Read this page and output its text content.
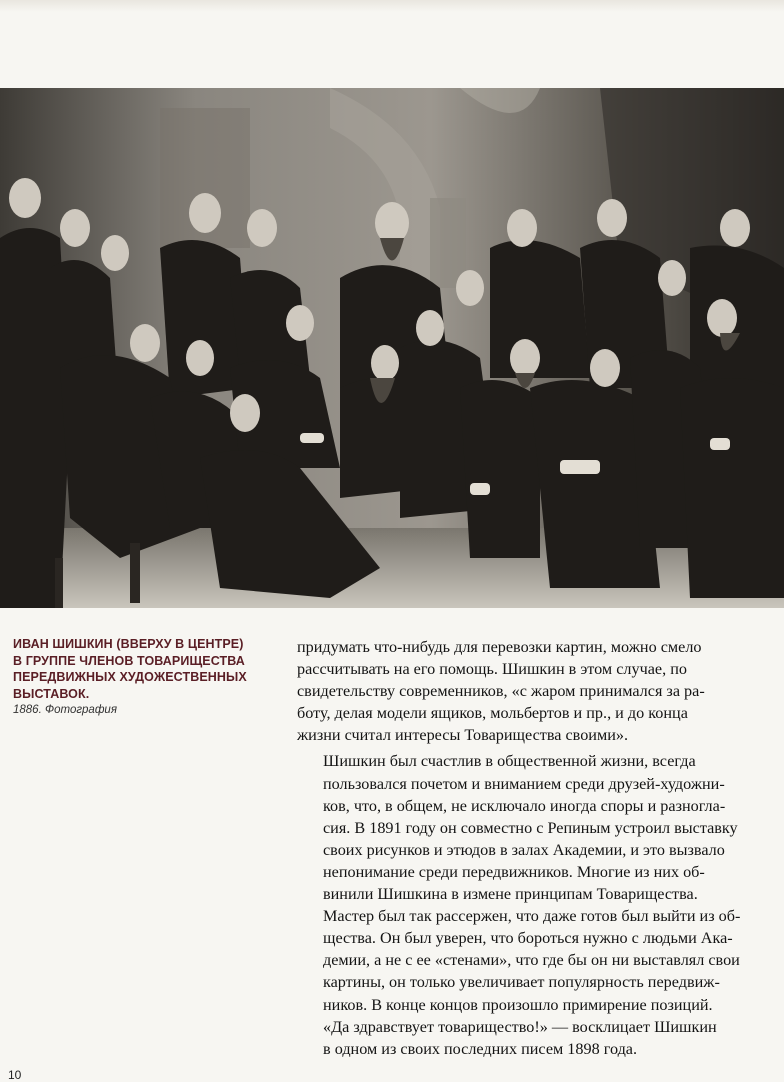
ИВАН ШИШКИН (ВВЕРХУ В ЦЕНТРЕ)
В ГРУППЕ ЧЛЕНОВ ТОВАРИЩЕСТВА
ПЕРЕДВИЖНЫХ ХУДОЖЕСТВЕННЫХ
ВЫСТАВОК.
1886. Фотография

придумать что-нибудь для перевозки картин, можно смело
рассчитывать на его помощь. Шишкин в этом случае, по
свидетельству современников, «с жаром принимался за ра-
боту, делая модели ящиков, мольбертов и пр., и до конца
жизни считал интересы Товарищества своими».

Шишкин был счастлив в общественной жизни, всегда
пользовался почетом и вниманием среди друзей-художни-
ков, что, в общем, не исключало иногда споры и разногла-
сия. В 1891 году он совместно с Репиным устроил выставку
своих рисунков и этюдов в залах Академии, и это вызвало
непонимание среди передвижников. Многие из них об-
винили Шишкина в измене принципам Товарищества.
Мастер был так рассержен, что даже готов был выйти из об-
щества. Он был уверен, что бороться нужно с людьми Ака-
демии, а не с ее «стенами», что где бы он ни выставлял свои
картины, он только увеличивает популярность передвиж-
ников. В конце концов произошло примирение позиций.
«Да здравствует товарищество!» — восклицает Шишкин
в одном из своих последних писем 1898 года.

10
